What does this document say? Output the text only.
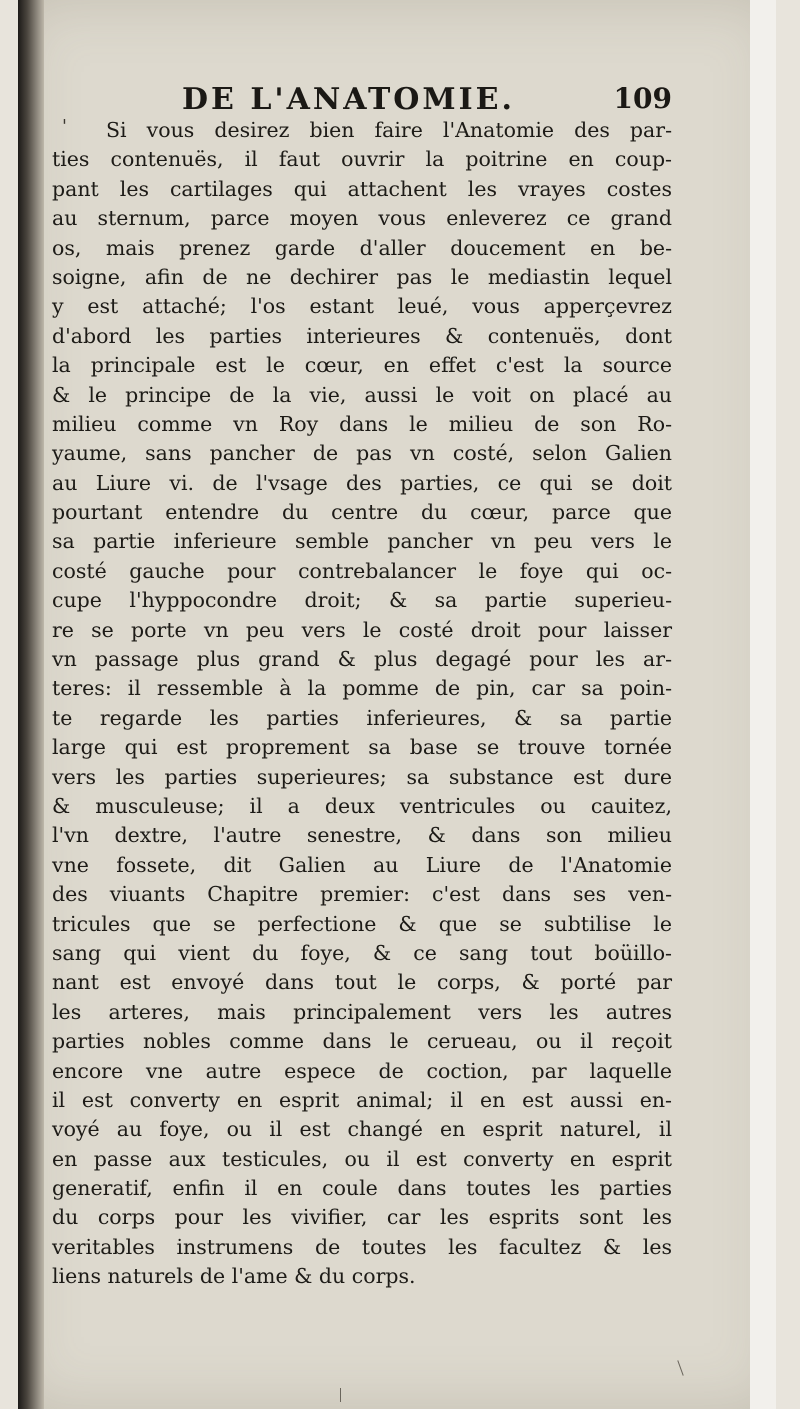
DE L'ANATOMIE.	109
'	Si vous desirez bien faire l'Anatomie des par-
ties contenuës, il faut ouvrir la poitrine en coup-
pant les cartilages qui attachent les vrayes costes
au sternum, parce moyen vous enleverez ce grand
os, mais prenez garde d'aller doucement en be-
soigne, afin de ne dechirer pas le mediastin lequel
y est attaché; l'os estant leué, vous apperçevrez
d'abord les parties interieures & contenuës, dont
la principale est le cœur, en effet c'est la source
& le principe de la vie, aussi le voit on placé au
milieu comme vn Roy dans le milieu de son Ro-
yaume, sans pancher de pas vn costé, selon Galien
au Liure vi. de l'vsage des parties, ce qui se doit
pourtant entendre du centre du cœur, parce que
sa partie inferieure semble pancher vn peu vers le
costé gauche pour contrebalancer le foye qui oc-
cupe l'hyppocondre droit; & sa partie superieu-
re se porte vn peu vers le costé droit pour laisser
vn passage plus grand & plus degagé pour les ar-
teres: il ressemble à la pomme de pin, car sa poin-
te regarde les parties inferieures, & sa partie
large qui est proprement sa base se trouve tornée
vers les parties superieures; sa substance est dure
& musculeuse; il a deux ventricules ou cauitez,
l'vn dextre, l'autre senestre, & dans son milieu
vne fossete, dit Galien au Liure de l'Anatomie
des viuants Chapitre premier: c'est dans ses ven-
tricules que se perfectione & que se subtilise le
sang qui vient du foye, & ce sang tout boüillo-
nant est envoyé dans tout le corps, & porté par
les arteres, mais principalement vers les autres
parties nobles comme dans le cerueau, ou il reçoit
encore vne autre espece de coction, par laquelle
il est converty en esprit animal; il en est aussi en-
voyé au foye, ou il est changé en esprit naturel, il
en passe aux testicules, ou il est converty en esprit
generatif, enfin il en coule dans toutes les parties
du corps pour les vivifier, car les esprits sont les
veritables instrumens de toutes les facultez & les
liens naturels de l'ame & du corps.
